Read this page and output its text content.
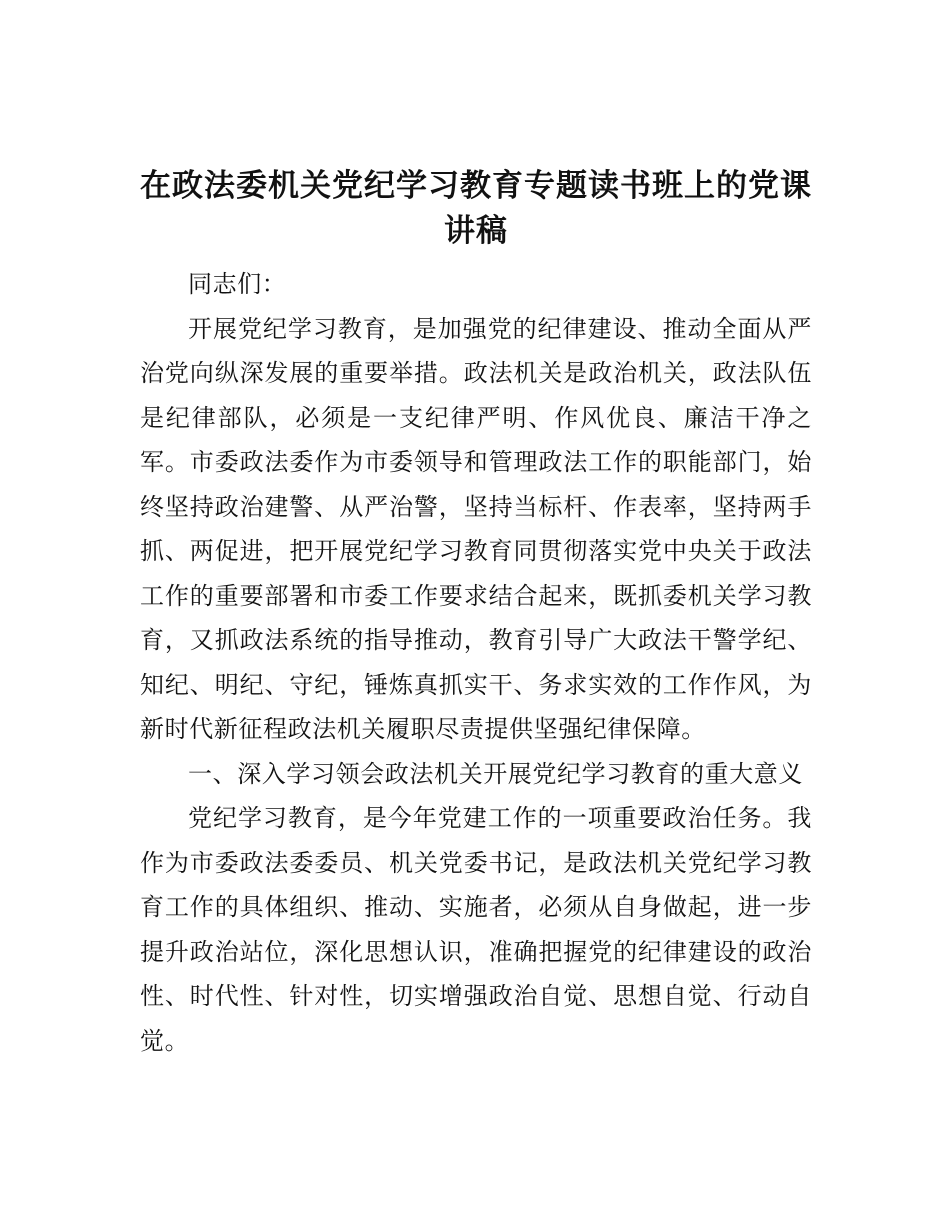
在政法委机关党纪学习教育专题读书班上的党课讲稿

同志们：

开展党纪学习教育，是加强党的纪律建设、推动全面从严治党向纵深发展的重要举措。政法机关是政治机关，政法队伍是纪律部队，必须是一支纪律严明、作风优良、廉洁干净之军。市委政法委作为市委领导和管理政法工作的职能部门，始终坚持政治建警、从严治警，坚持当标杆、作表率，坚持两手抓、两促进，把开展党纪学习教育同贯彻落实党中央关于政法工作的重要部署和市委工作要求结合起来，既抓委机关学习教育，又抓政法系统的指导推动，教育引导广大政法干警学纪、知纪、明纪、守纪，锤炼真抓实干、务求实效的工作作风，为新时代新征程政法机关履职尽责提供坚强纪律保障。

一、深入学习领会政法机关开展党纪学习教育的重大意义

党纪学习教育，是今年党建工作的一项重要政治任务。我作为市委政法委委员、机关党委书记，是政法机关党纪学习教育工作的具体组织、推动、实施者，必须从自身做起，进一步提升政治站位，深化思想认识，准确把握党的纪律建设的政治性、时代性、针对性，切实增强政治自觉、思想自觉、行动自觉。
